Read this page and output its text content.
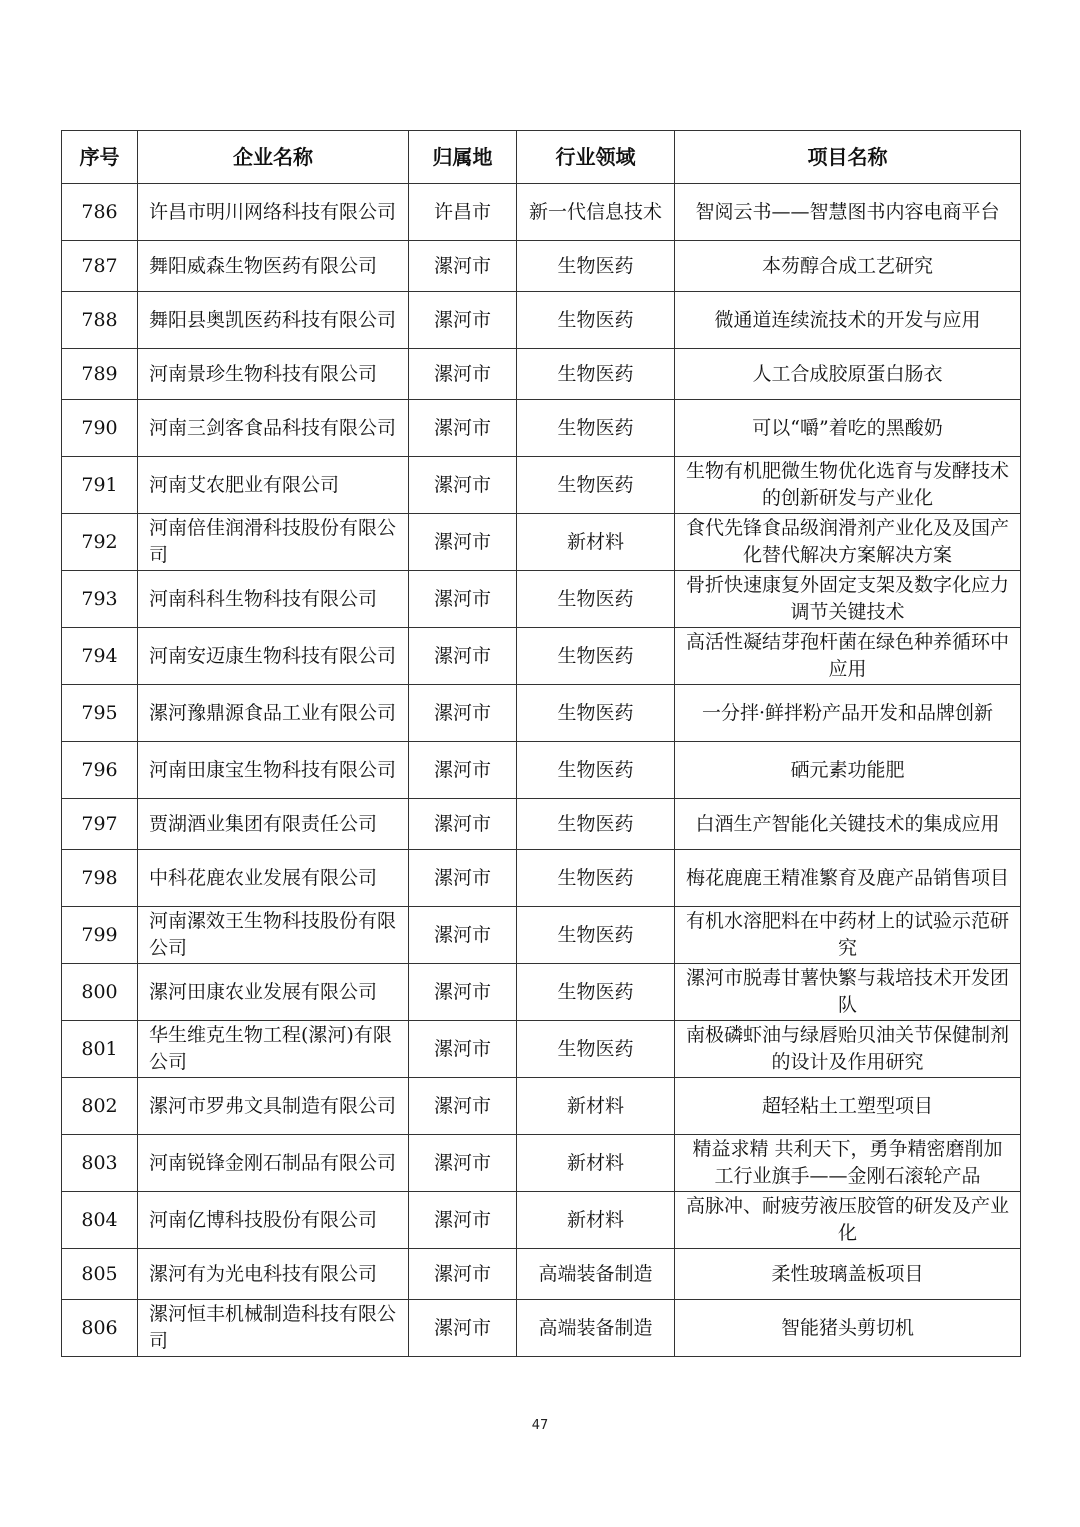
序号	企业名称	归属地	行业领域	项目名称
786	许昌市明川网络科技有限公司	许昌市	新一代信息技术	智阅云书——智慧图书内容电商平台
787	舞阳威森生物医药有限公司	漯河市	生物医药	本芴醇合成工艺研究
788	舞阳县奥凯医药科技有限公司	漯河市	生物医药	微通道连续流技术的开发与应用
789	河南景珍生物科技有限公司	漯河市	生物医药	人工合成胶原蛋白肠衣
790	河南三剑客食品科技有限公司	漯河市	生物医药	可以“嚼”着吃的黑酸奶
791	河南艾农肥业有限公司	漯河市	生物医药	生物有机肥微生物优化选育与发酵技术的创新研发与产业化
792	河南倍佳润滑科技股份有限公司	漯河市	新材料	食代先锋食品级润滑剂产业化及及国产化替代解决方案解决方案
793	河南科科生物科技有限公司	漯河市	生物医药	骨折快速康复外固定支架及数字化应力调节关键技术
794	河南安迈康生物科技有限公司	漯河市	生物医药	高活性凝结芽孢杆菌在绿色种养循环中应用
795	漯河豫鼎源食品工业有限公司	漯河市	生物医药	一分拌·鲜拌粉产品开发和品牌创新
796	河南田康宝生物科技有限公司	漯河市	生物医药	硒元素功能肥
797	贾湖酒业集团有限责任公司	漯河市	生物医药	白酒生产智能化关键技术的集成应用
798	中科花鹿农业发展有限公司	漯河市	生物医药	梅花鹿鹿王精准繁育及鹿产品销售项目
799	河南漯效王生物科技股份有限公司	漯河市	生物医药	有机水溶肥料在中药材上的试验示范研究
800	漯河田康农业发展有限公司	漯河市	生物医药	漯河市脱毒甘薯快繁与栽培技术开发团队
801	华生维克生物工程(漯河)有限公司	漯河市	生物医药	南极磷虾油与绿唇贻贝油关节保健制剂的设计及作用研究
802	漯河市罗弗文具制造有限公司	漯河市	新材料	超轻粘土工塑型项目
803	河南锐锋金刚石制品有限公司	漯河市	新材料	精益求精 共利天下，勇争精密磨削加工行业旗手——金刚石滚轮产品
804	河南亿博科技股份有限公司	漯河市	新材料	高脉冲、耐疲劳液压胶管的研发及产业化
805	漯河有为光电科技有限公司	漯河市	高端装备制造	柔性玻璃盖板项目
806	漯河恒丰机械制造科技有限公司	漯河市	高端装备制造	智能猪头剪切机
47
